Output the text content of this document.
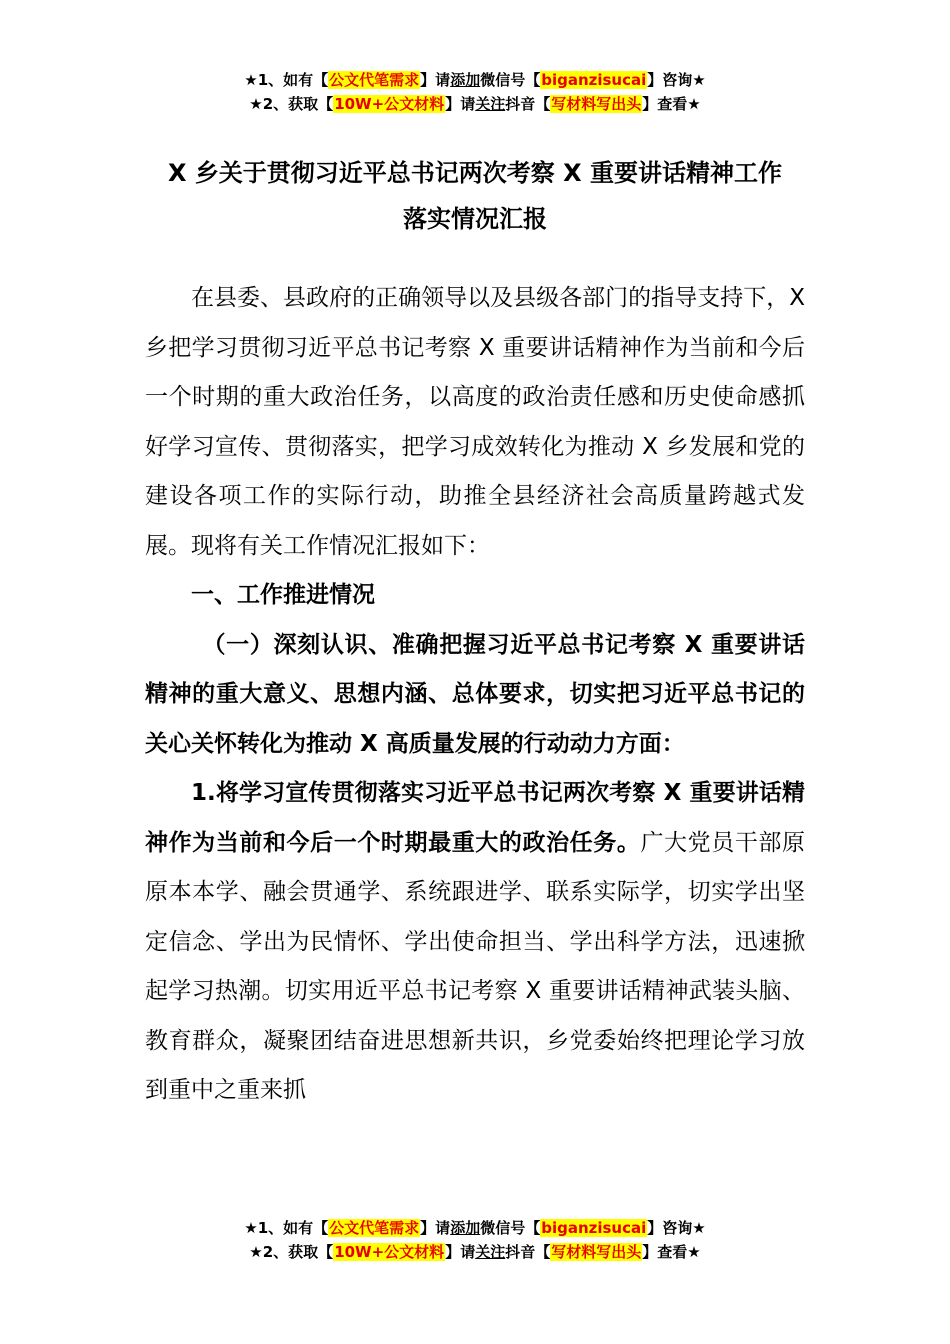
★1、如有【公文代笔需求】请添加微信号【biganzisucai】咨询★
★2、获取【10W+公文材料】请关注抖音【写材料写出头】查看★
X 乡关于贯彻习近平总书记两次考察 X 重要讲话精神工作
落实情况汇报

在县委、县政府的正确领导以及县级各部门的指导支持下，X 乡把学习贯彻习近平总书记考察 X 重要讲话精神作为当前和今后一个时期的重大政治任务，以高度的政治责任感和历史使命感抓好学习宣传、贯彻落实，把学习成效转化为推动 X 乡发展和党的建设各项工作的实际行动，助推全县经济社会高质量跨越式发展。现将有关工作情况汇报如下：

一、工作推进情况

（一）深刻认识、准确把握习近平总书记考察 X 重要讲话精神的重大意义、思想内涵、总体要求，切实把习近平总书记的关心关怀转化为推动 X 高质量发展的行动动力方面：

1.将学习宣传贯彻落实习近平总书记两次考察 X 重要讲话精神作为当前和今后一个时期最重大的政治任务。广大党员干部原原本本学、融会贯通学、系统跟进学、联系实际学，切实学出坚定信念、学出为民情怀、学出使命担当、学出科学方法，迅速掀起学习热潮。切实用近平总书记考察 X 重要讲话精神武装头脑、教育群众，凝聚团结奋进思想新共识，乡党委始终把理论学习放到重中之重来抓

★1、如有【公文代笔需求】请添加微信号【biganzisucai】咨询★
★2、获取【10W+公文材料】请关注抖音【写材料写出头】查看★
